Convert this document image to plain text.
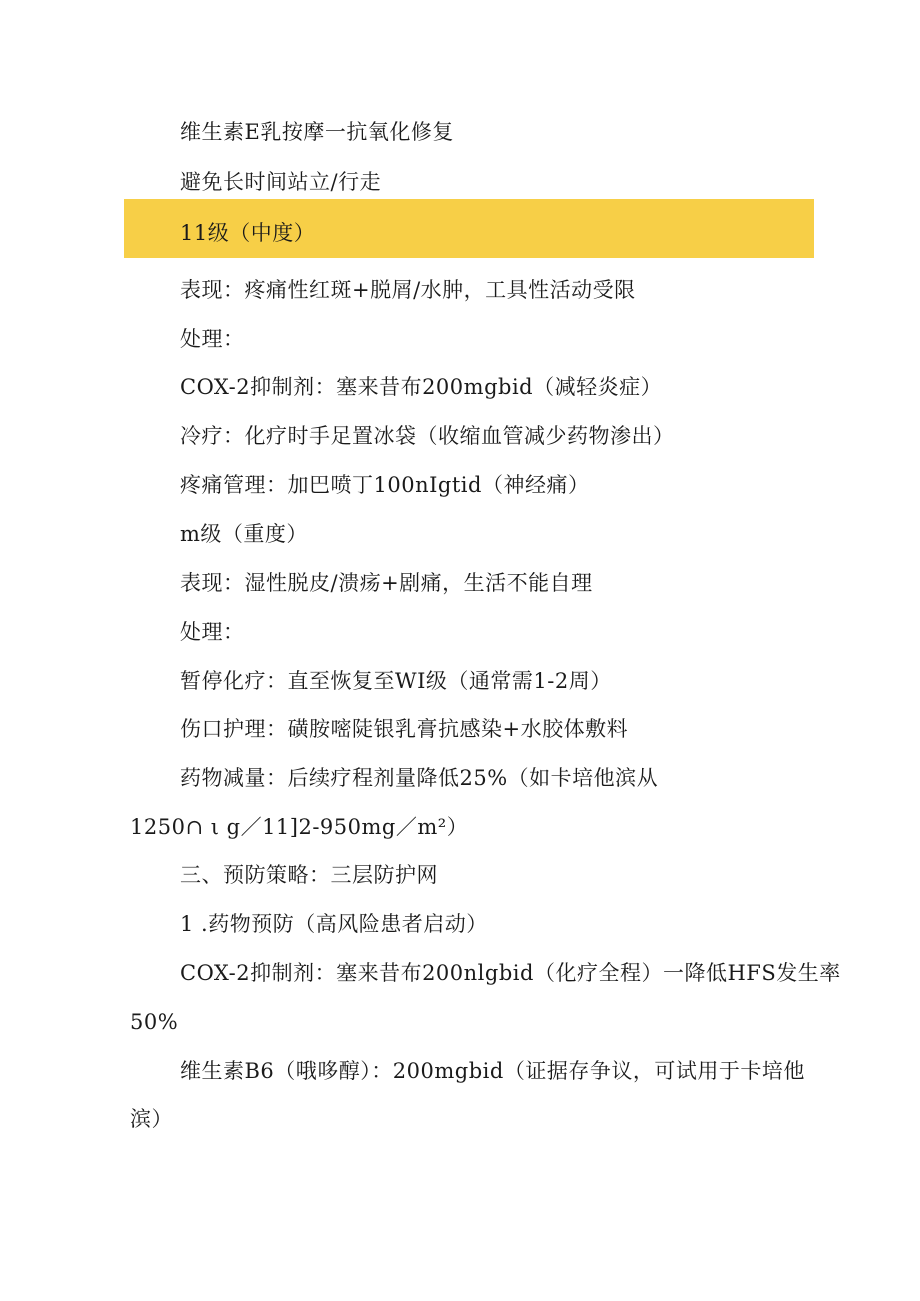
维生素E乳按摩一抗氧化修复
避免长时间站立/行走
11级（中度）
表现：疼痛性红斑+脱屑/水肿，工具性活动受限
处理：
COX-2抑制剂：塞来昔布200mgbid（减轻炎症）
冷疗：化疗时手足置冰袋（收缩血管减少药物渗出）
疼痛管理：加巴喷丁100nIgtid（神经痛）
m级（重度）
表现：湿性脱皮/溃疡+剧痛，生活不能自理
处理：
暂停化疗：直至恢复至WI级（通常需1-2周）
伤口护理：磺胺嘧陡银乳膏抗感染+水胶体敷料
药物减量：后续疗程剂量降低25%（如卡培他滨从
1250∩ ι g／11]2-950mg／m²）
三、预防策略：三层防护网
1 .药物预防（高风险患者启动）
COX-2抑制剂：塞来昔布200nlgbid（化疗全程）一降低HFS发生率
50%
维生素B6（哦哆醇）：200mgbid（证据存争议，可试用于卡培他
滨）
